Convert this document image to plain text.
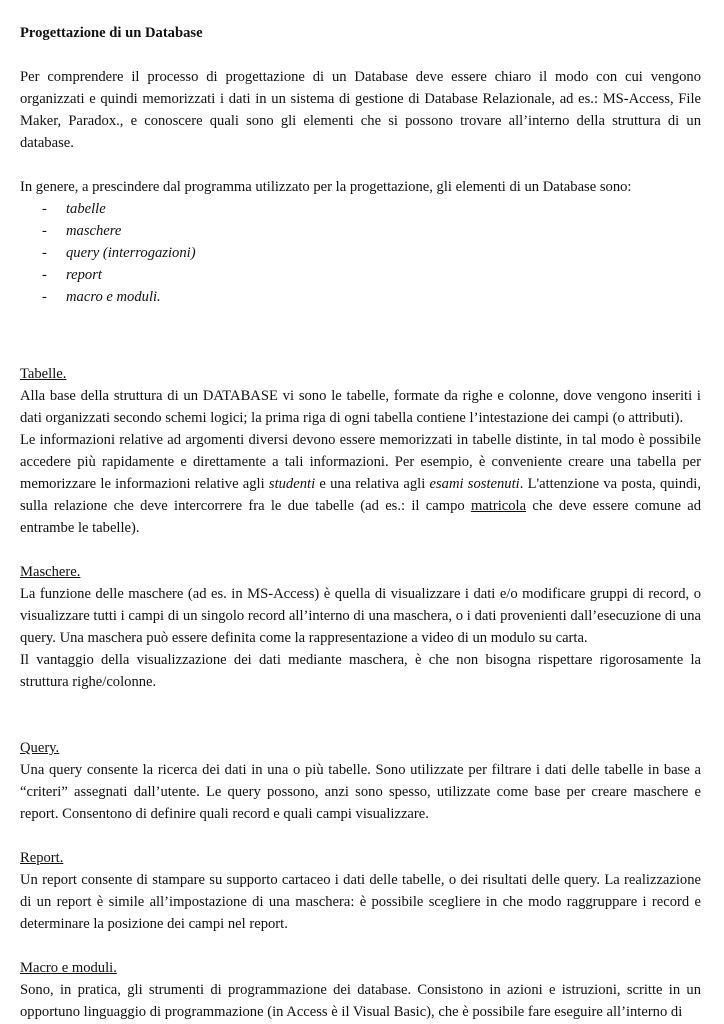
Progettazione di un Database

Per comprendere il processo di progettazione di un Database deve essere chiaro il modo con cui vengono organizzati e quindi memorizzati i dati in un sistema di gestione di Database Relazionale, ad es.: MS-Access, File Maker, Paradox., e conoscere quali sono gli elementi che si possono trovare all’interno della struttura di un database.

In genere, a prescindere dal programma utilizzato per la progettazione, gli elementi di un Database sono:

- tabelle
- maschere
- query (interrogazioni)
- report
- macro e moduli.

Tabelle.

Alla base della struttura di un DATABASE vi sono le tabelle, formate da righe e colonne, dove vengono inseriti i dati organizzati secondo schemi logici; la prima riga di ogni tabella contiene l’intestazione dei campi (o attributi).

Le informazioni relative ad argomenti diversi devono essere memorizzati in tabelle distinte, in tal modo è possibile accedere più rapidamente e direttamente a tali informazioni. Per esempio, è conveniente creare una tabella per memorizzare le informazioni relative agli studenti e una relativa agli esami sostenuti. L'attenzione va posta, quindi, sulla relazione che deve intercorrere fra le due tabelle (ad es.: il campo matricola che deve essere comune ad entrambe le tabelle).

Maschere.

La funzione delle maschere (ad es. in MS-Access) è quella di visualizzare i dati e/o modificare gruppi di record, o visualizzare tutti i campi di un singolo record all’interno di una maschera, o i dati provenienti dall’esecuzione di una query. Una maschera può essere definita come la rappresentazione a video di un modulo su carta.

Il vantaggio della visualizzazione dei dati mediante maschera, è che non bisogna rispettare rigorosamente la struttura righe/colonne.

Query.

Una query consente la ricerca dei dati in una o più tabelle. Sono utilizzate per filtrare i dati delle tabelle in base a “criteri” assegnati dall’utente. Le query possono, anzi sono spesso, utilizzate come base per creare maschere e report. Consentono di definire quali record e quali campi visualizzare.

Report.

Un report consente di stampare su supporto cartaceo i dati delle tabelle, o dei risultati delle query. La realizzazione di un report è simile all’impostazione di una maschera: è possibile scegliere in che modo raggruppare i record e determinare la posizione dei campi nel report.

Macro e moduli.

Sono, in pratica, gli strumenti di programmazione dei database. Consistono in azioni e istruzioni, scritte in un opportuno linguaggio di programmazione (in Access è il Visual Basic), che è possibile fare eseguire all’interno di
